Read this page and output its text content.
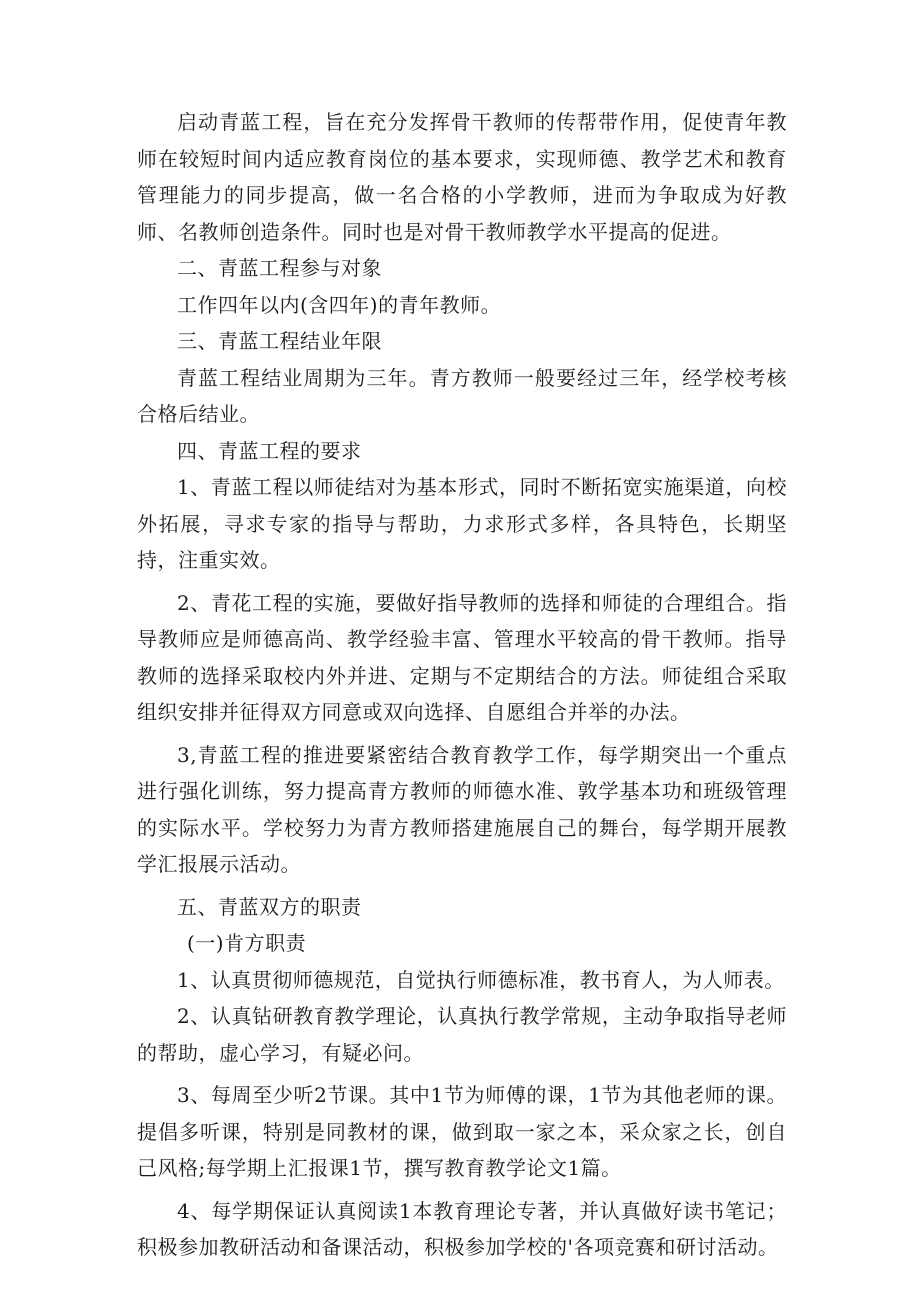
启动青蓝工程，旨在充分发挥骨干教师的传帮带作用，促使青年教师在较短时间内适应教育岗位的基本要求，实现师德、教学艺术和教育管理能力的同步提高，做一名合格的小学教师，进而为争取成为好教师、名教师创造条件。同时也是对骨干教师教学水平提高的促进。

二、青蓝工程参与对象

工作四年以内(含四年)的青年教师。

三、青蓝工程结业年限

青蓝工程结业周期为三年。青方教师一般要经过三年，经学校考核合格后结业。

四、青蓝工程的要求

1、青蓝工程以师徒结对为基本形式，同时不断拓宽实施渠道，向校外拓展，寻求专家的指导与帮助，力求形式多样，各具特色，长期坚持，注重实效。

2、青花工程的实施，要做好指导教师的选择和师徒的合理组合。指导教师应是师德高尚、教学经验丰富、管理水平较高的骨干教师。指导教师的选择采取校内外并进、定期与不定期结合的方法。师徒组合采取组织安排并征得双方同意或双向选择、自愿组合并举的办法。

3,青蓝工程的推进要紧密结合教育教学工作，每学期突出一个重点进行强化训练，努力提高青方教师的师德水准、敦学基本功和班级管理的实际水平。学校努力为青方教师搭建施展自己的舞台，每学期开展教学汇报展示活动。

五、青蓝双方的职责

(一)肯方职责

1、认真贯彻师德规范，自觉执行师德标准，教书育人，为人师表。

2、认真钻研教育教学理论，认真执行教学常规，主动争取指导老师的帮助，虚心学习，有疑必问。

3、每周至少听2节课。其中1节为师傅的课，1节为其他老师的课。提倡多听课，特别是同教材的课，做到取一家之本，采众家之长，创自己风格;每学期上汇报课1节，撰写教育教学论文1篇。

4、每学期保证认真阅读1本教育理论专著，并认真做好读书笔记；积极参加教研活动和备课活动，积极参加学校的'各项竞赛和研讨活动。
